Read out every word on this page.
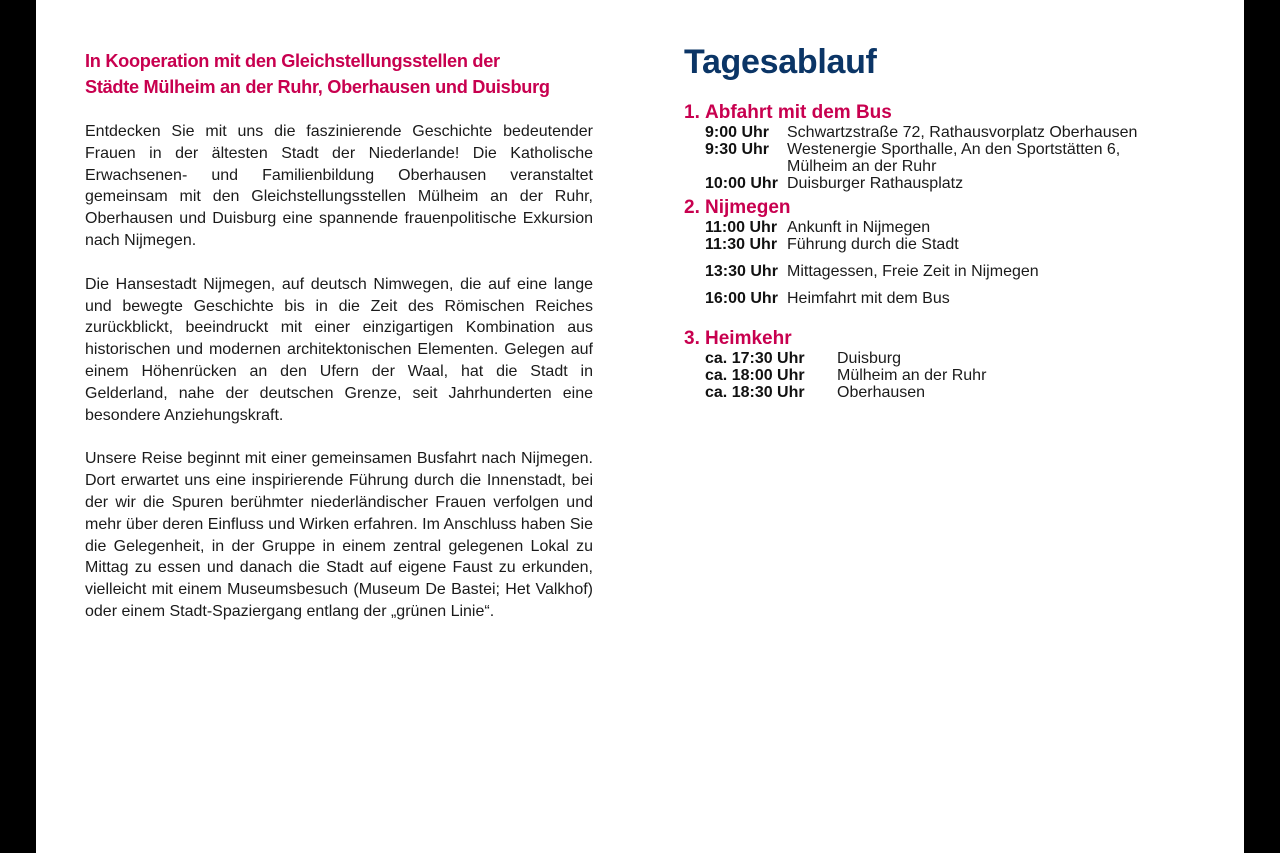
In Kooperation mit den Gleichstellungsstellen der
Städte Mülheim an der Ruhr, Oberhausen und Duisburg

Entdecken Sie mit uns die faszinierende Geschichte bedeutender Frauen in der ältesten Stadt der Niederlande! Die Katholische Erwachsenen- und Familienbildung Oberhausen veranstaltet gemeinsam mit den Gleichstellungsstellen Mülheim an der Ruhr, Oberhausen und Duisburg eine spannende frauenpolitische Exkursion nach Nijmegen.

Die Hansestadt Nijmegen, auf deutsch Nimwegen, die auf eine lange und bewegte Geschichte bis in die Zeit des Römischen Reiches zurückblickt, beeindruckt mit einer einzigartigen Kombination aus historischen und modernen architektonischen Elementen. Gelegen auf einem Höhenrücken an den Ufern der Waal, hat die Stadt in Gelderland, nahe der deutschen Grenze, seit Jahrhunderten eine besondere Anziehungskraft.

Unsere Reise beginnt mit einer gemeinsamen Busfahrt nach Nijmegen. Dort erwartet uns eine inspirierende Führung durch die Innenstadt, bei der wir die Spuren berühmter niederländischer Frauen verfolgen und mehr über deren Einfluss und Wirken erfahren. Im Anschluss haben Sie die Gelegenheit, in der Gruppe in einem zentral gelegenen Lokal zu Mittag zu essen und danach die Stadt auf eigene Faust zu erkunden, vielleicht mit einem Museumsbesuch (Museum De Bastei; Het Valkhof) oder einem Stadt-Spaziergang entlang der „grünen Linie“.

Tagesablauf
1. Abfahrt mit dem Bus
9:00 Uhr	Schwartzstraße 72, Rathausvorplatz Oberhausen
9:30 Uhr	Westenergie Sporthalle, An den Sportstätten 6,
Mülheim an der Ruhr
10:00 Uhr Duisburger Rathausplatz
2. Nijmegen
11:00 Uhr Ankunft in Nijmegen
11:30 Uhr Führung durch die Stadt
13:30 Uhr Mittagessen, Freie Zeit in Nijmegen
16:00 Uhr Heimfahrt mit dem Bus
3. Heimkehr
ca. 17:30 Uhr	Duisburg
ca. 18:00 Uhr	Mülheim an der Ruhr
ca. 18:30 Uhr	Oberhausen
